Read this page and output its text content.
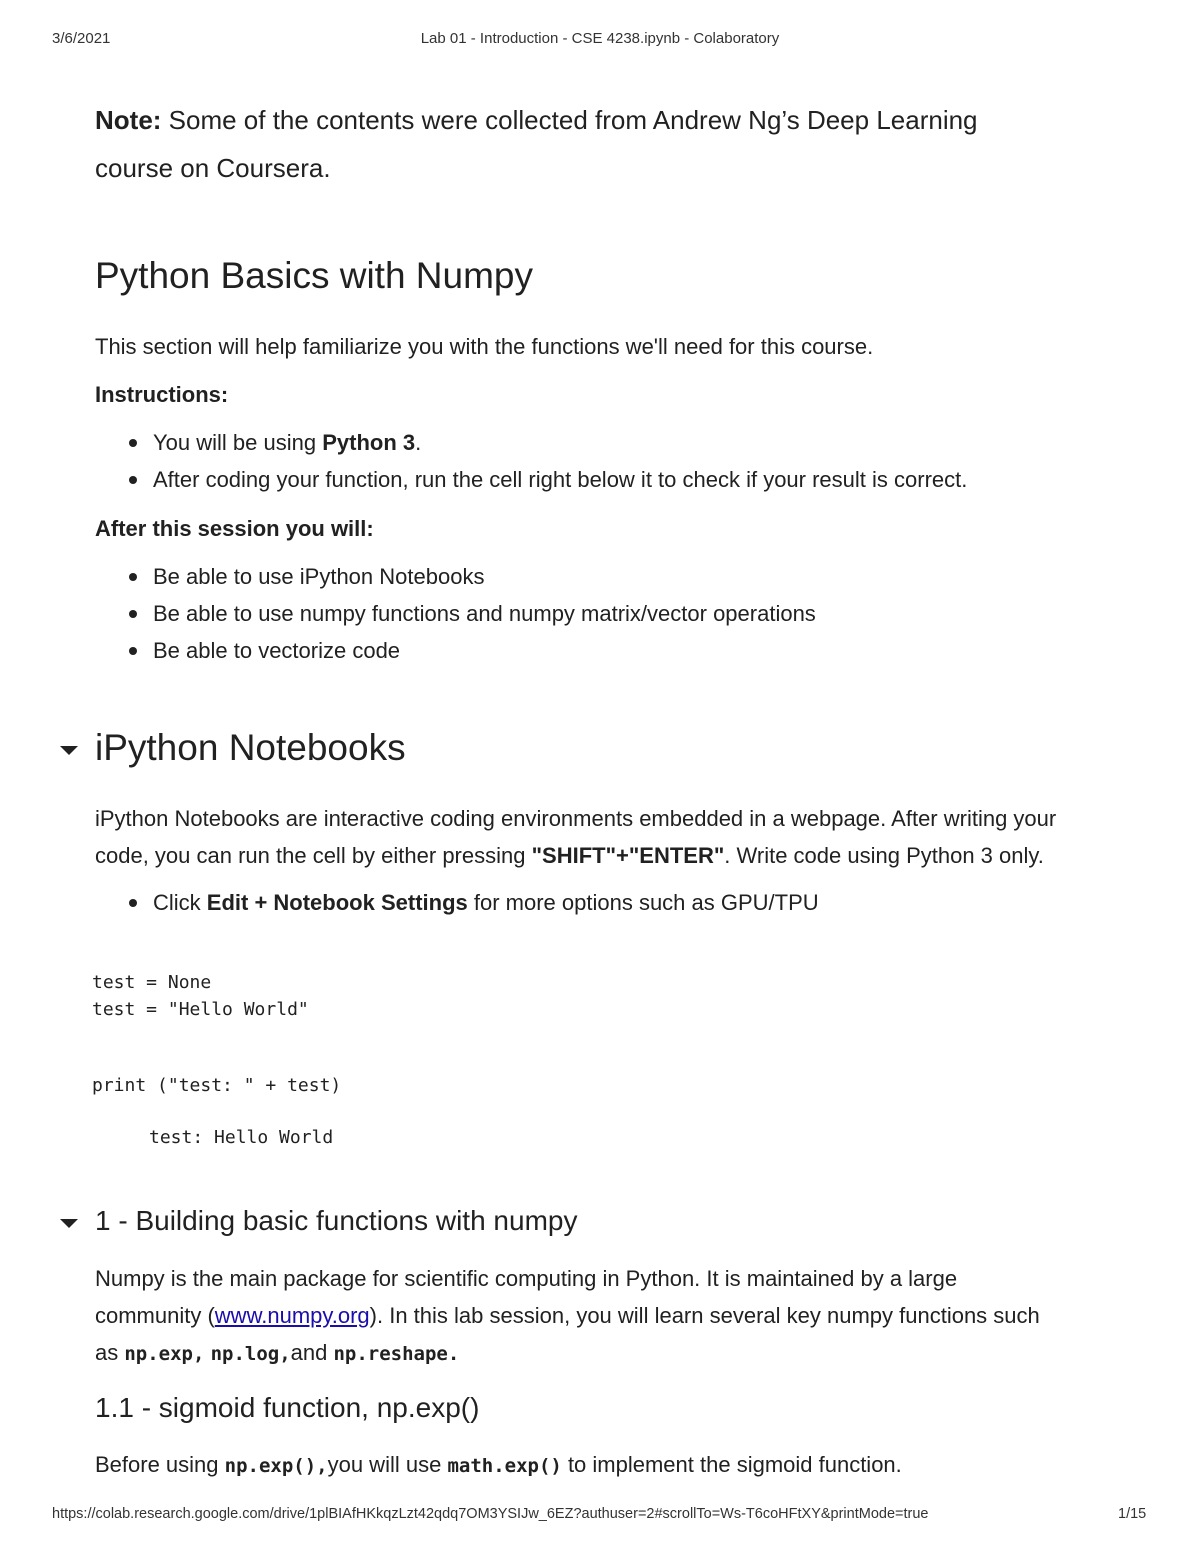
3/6/2021	Lab 01 - Introduction - CSE 4238.ipynb - Colaboratory
Note: Some of the contents were collected from Andrew Ng’s Deep Learning
course on Coursera.
Python Basics with Numpy
This section will help familiarize you with the functions we'll need for this course.
Instructions:
You will be using Python 3.
After coding your function, run the cell right below it to check if your result is correct.
After this session you will:
Be able to use iPython Notebooks
Be able to use numpy functions and numpy matrix/vector operations
Be able to vectorize code
iPython Notebooks
iPython Notebooks are interactive coding environments embedded in a webpage. After writing your
code, you can run the cell by either pressing "SHIFT"+"ENTER". Write code using Python 3 only.
Click Edit + Notebook Settings for more options such as GPU/TPU
test = None
test = "Hello World"
print ("test: " + test)
test: Hello World
1 - Building basic functions with numpy
Numpy is the main package for scientific computing in Python. It is maintained by a large
community (www.numpy.org). In this lab session, you will learn several key numpy functions such
as np.exp, np.log,and np.reshape.
1.1 - sigmoid function, np.exp()
Before using np.exp(),you will use math.exp() to implement the sigmoid function.
https://colab.research.google.com/drive/1plBIAfHKkqzLzt42qdq7OM3YSIJw_6EZ?authuser=2#scrollTo=Ws-T6coHFtXY&printMode=true	1/15
